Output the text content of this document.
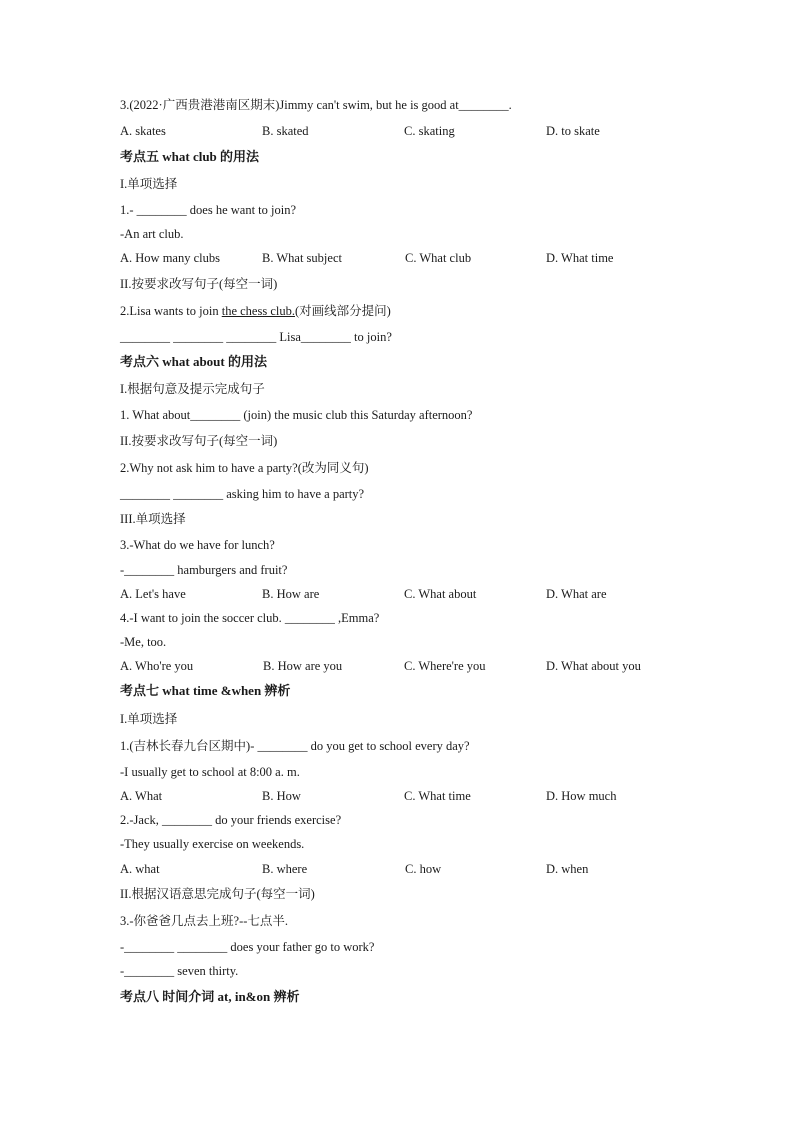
3.(2022·广西贵港港南区期末)Jimmy can't swim, but he is good at________.
A. skates	B. skated	C. skating	D. to skate
考点五 what club 的用法
I.单项选择
1.- ________ does he want to join?
-An art club.
A. How many clubs	B. What subject	C. What club	D. What time
II.按要求改写句子(每空一词)
2.Lisa wants to join the chess club.(对画线部分提问)
________ ________ ________ Lisa________ to join?
考点六 what about 的用法
I.根据句意及提示完成句子
1. What about________ (join) the music club this Saturday afternoon?
II.按要求改写句子(每空一词)
2.Why not ask him to have a party?(改为同义句)
________ ________ asking him to have a party?
III.单项选择
3.-What do we have for lunch?
-________ hamburgers and fruit?
A. Let's have	B. How are	C. What about	D. What are
4.-I want to join the soccer club. ________ ,Emma?
-Me, too.
A. Who're you	B. How are you	C. Where're you	D. What about you
考点七 what time &when 辨析
I.单项选择
1.(吉林长春九台区期中)- ________ do you get to school every day?
-I usually get to school at 8:00 a. m.
A. What	B. How	C. What time	D. How much
2.-Jack, ________ do your friends exercise?
-They usually exercise on weekends.
A. what	B. where	C. how	D. when
II.根据汉语意思完成句子(每空一词)
3.-你爸爸几点去上班?--七点半.
-________ ________ does your father go to work?
-________ seven thirty.
考点八 时间介词 at, in&on 辨析
